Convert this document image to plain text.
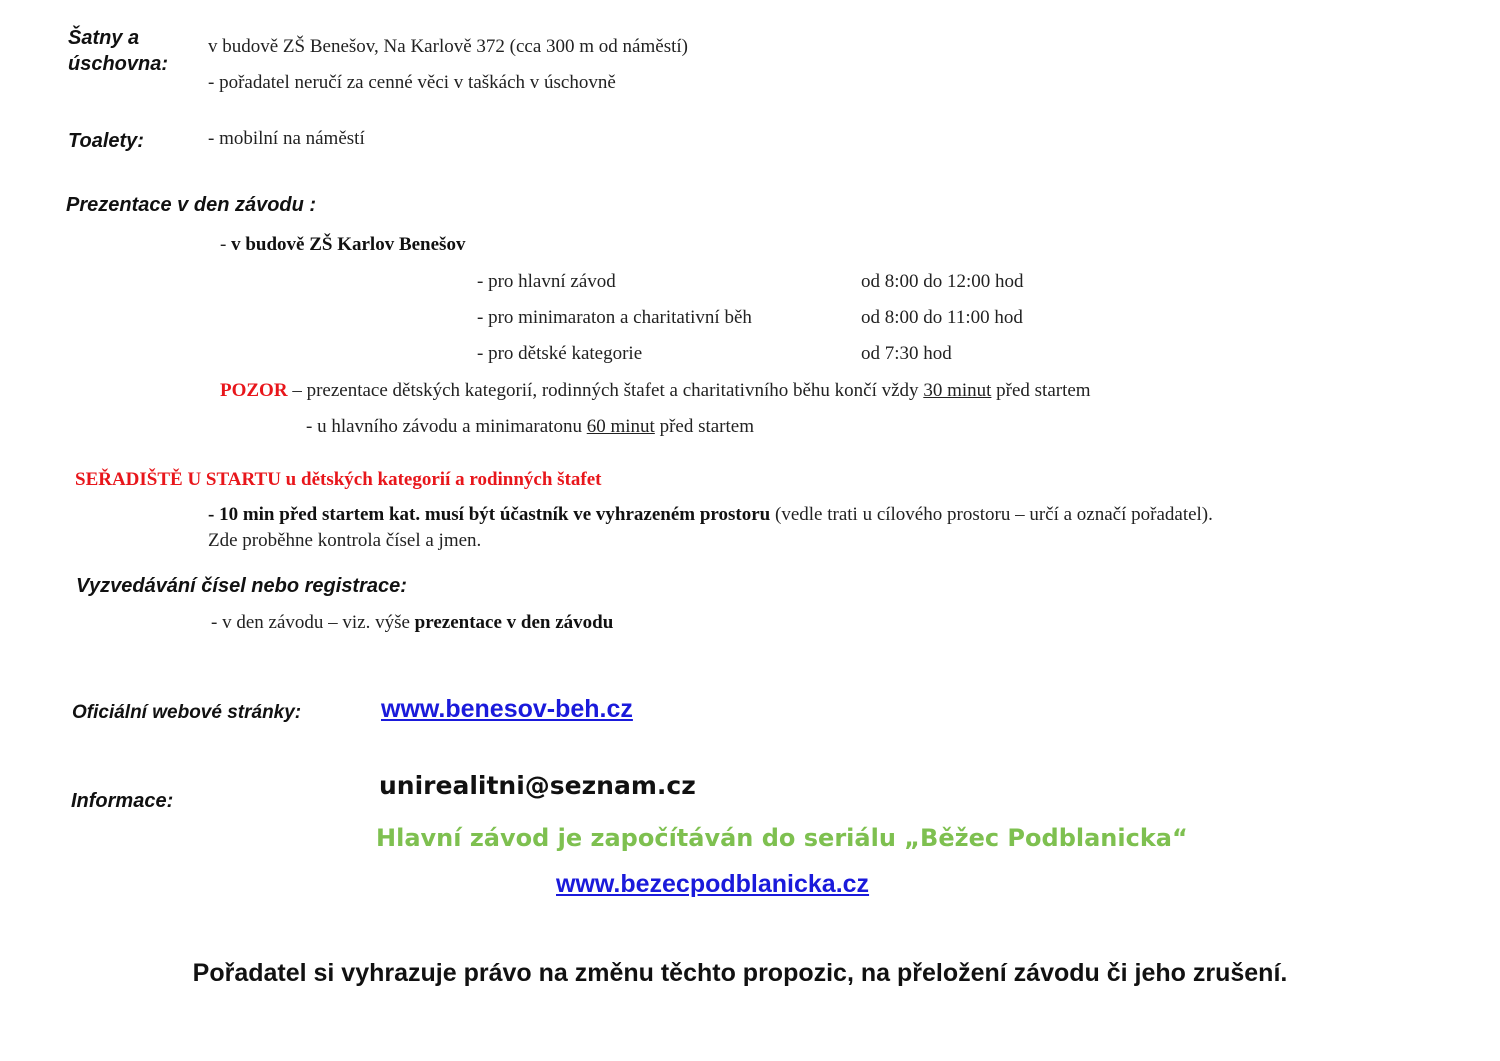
Šatny a
úschovna:
v budově ZŠ Benešov, Na Karlově 372 (cca 300 m od náměstí)
- pořadatel neručí za cenné věci v taškách v úschovně
Toalety:	- mobilní na náměstí
Prezentace v den závodu :
- v budově ZŠ Karlov Benešov
- pro hlavní závod	od 8:00 do 12:00 hod
- pro minimaraton a charitativní běh	od 8:00 do 11:00 hod
- pro dětské kategorie	od 7:30 hod
POZOR – prezentace dětských kategorií, rodinných štafet a charitativního běhu končí vždy 30 minut před startem
- u hlavního závodu a minimaratonu 60 minut před startem
SEŘADIŠTĚ U STARTU u dětských kategorií a rodinných štafet
- 10 min před startem kat. musí být účastník ve vyhrazeném prostoru (vedle trati u cílového prostoru – určí a označí pořadatel).
Zde proběhne kontrola čísel a jmen.
Vyzvedávání čísel nebo registrace:
- v den závodu – viz. výše prezentace v den závodu
Oficiální webové stránky:	www.benesov-beh.cz
Informace:
unirealitni@seznam.cz
Hlavní závod je započítáván do seriálu „Běžec Podblanicka“
www.bezecpodblanicka.cz
Pořadatel si vyhrazuje právo na změnu těchto propozic, na přeložení závodu či jeho zrušení.
